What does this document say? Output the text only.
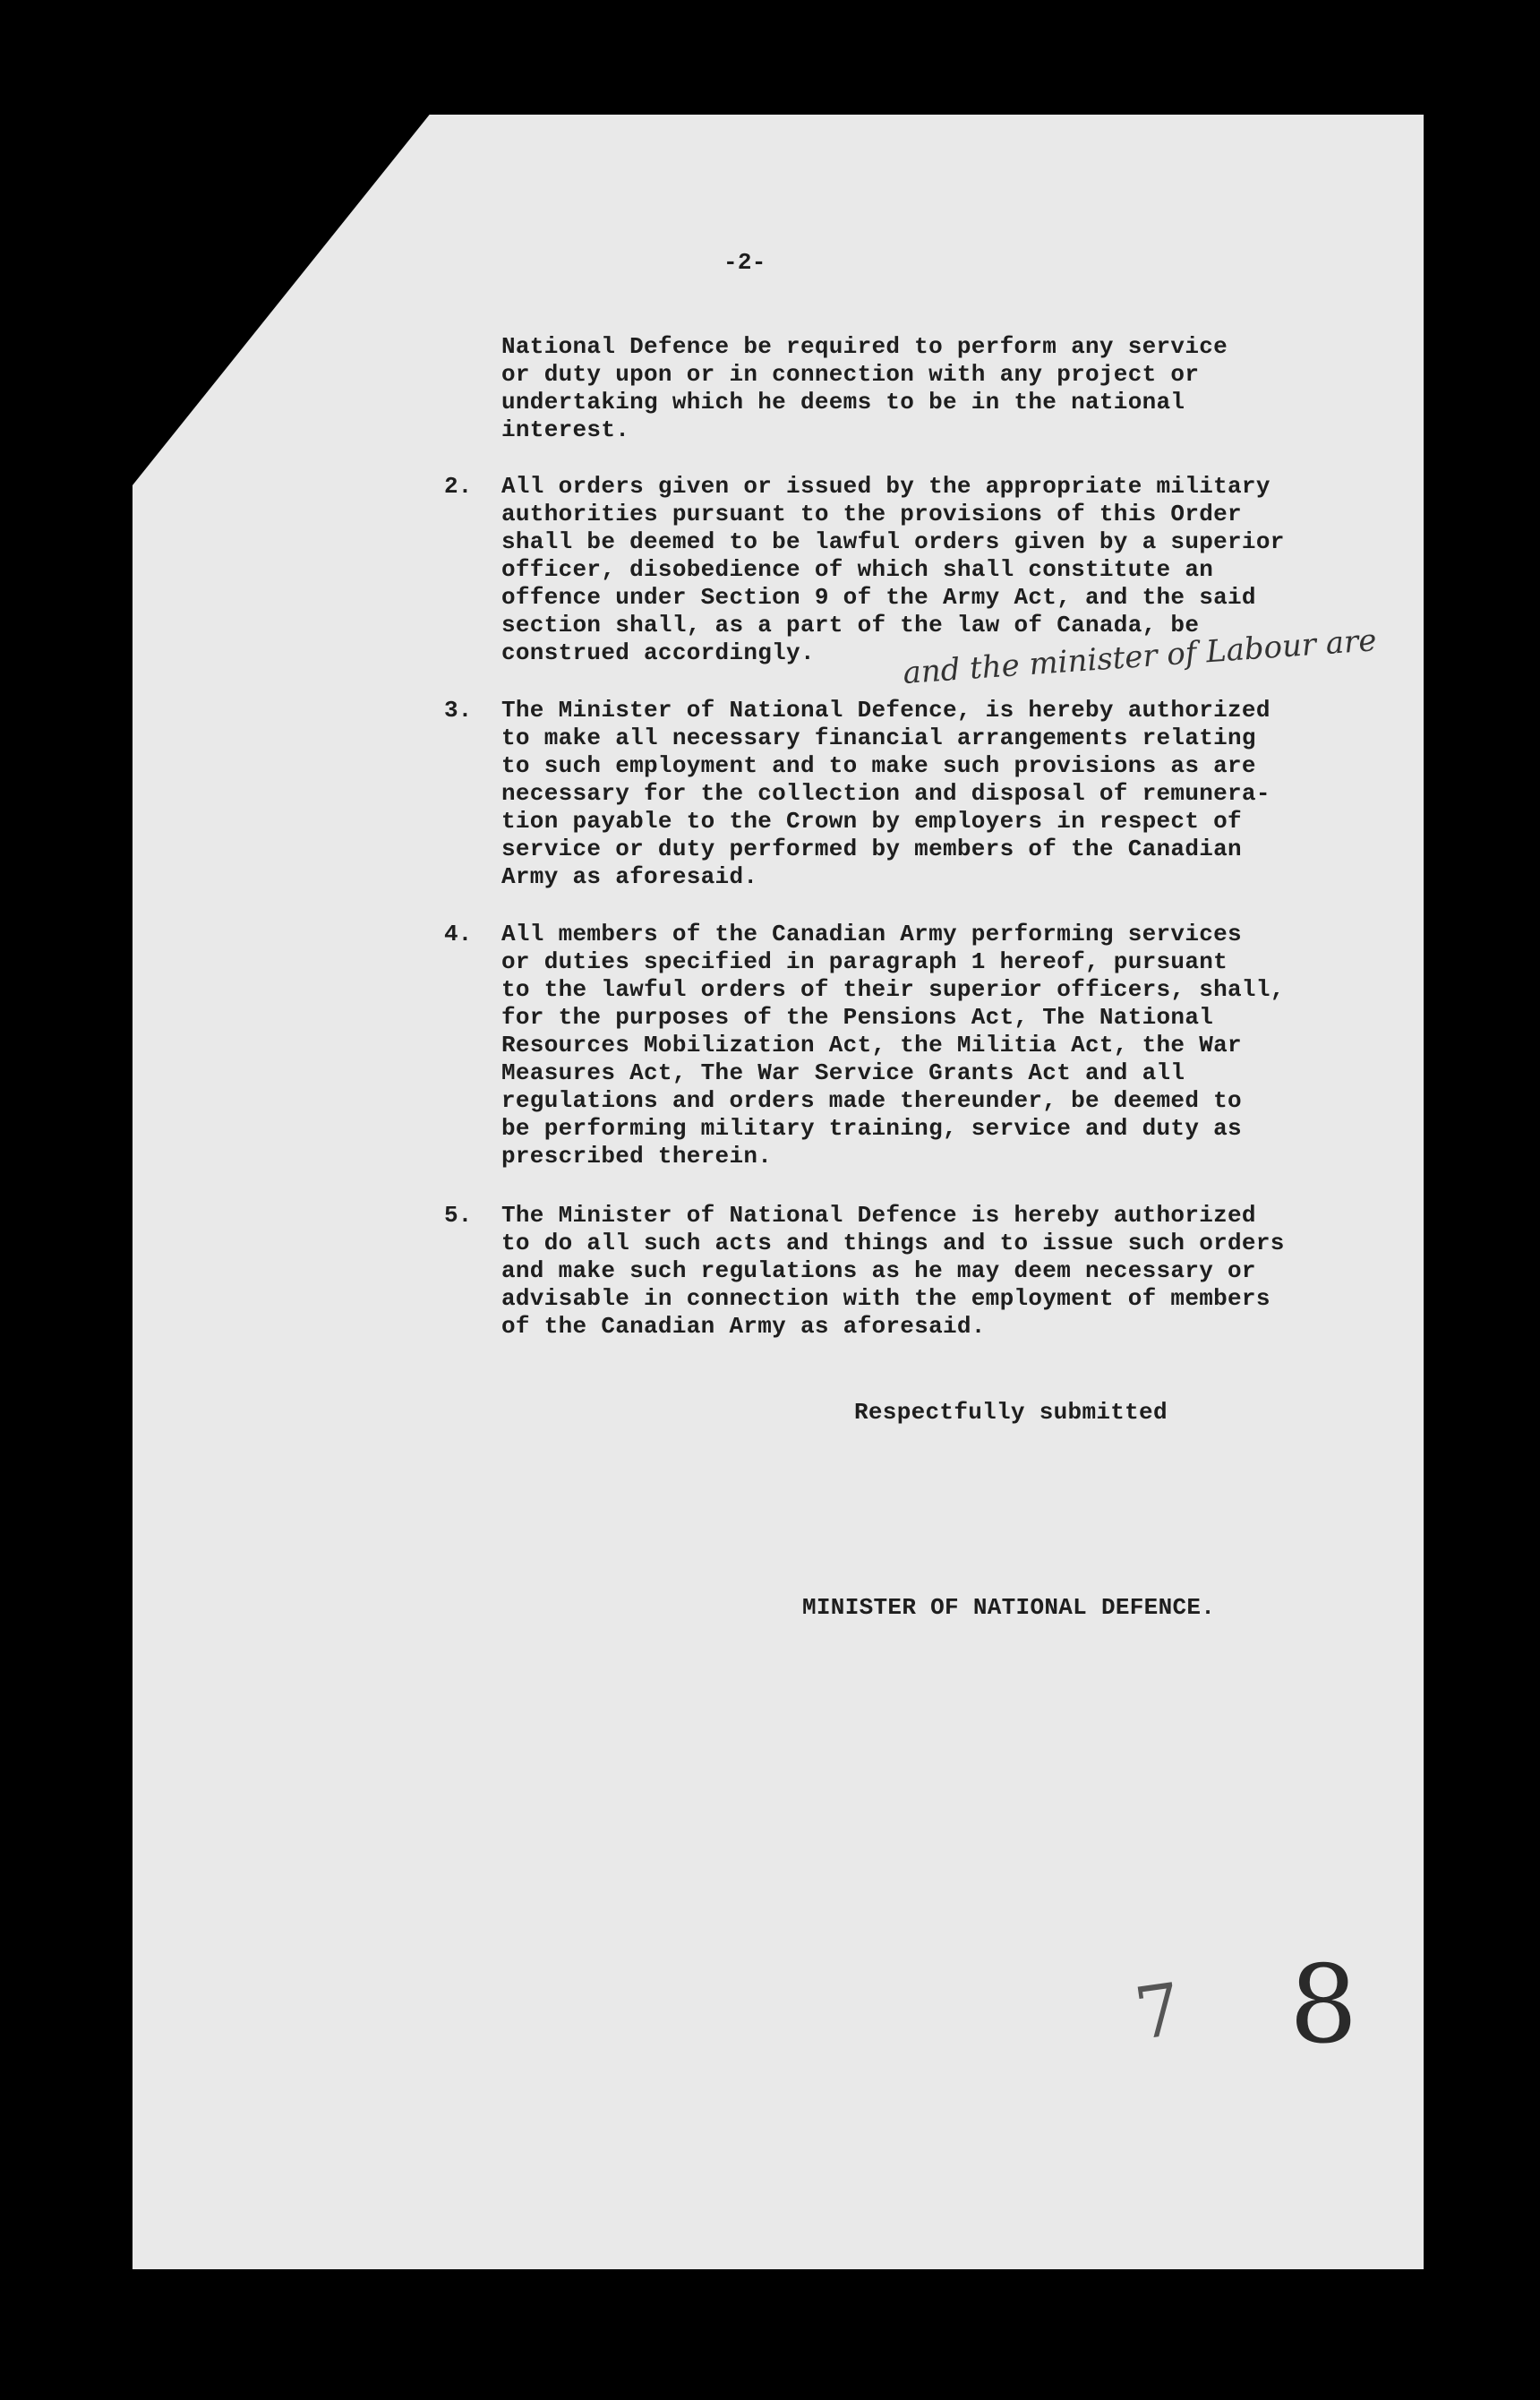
-2-
National Defence be required to perform any service
or duty upon or in connection with any project or
undertaking which he deems to be in the national
interest.
2. All orders given or issued by the appropriate military
authorities pursuant to the provisions of this Order
shall be deemed to be lawful orders given by a superior
officer, disobedience of which shall constitute an
offence under Section 9 of the Army Act, and the said
section shall, as a part of the law of Canada, be
construed accordingly.	and the minister of Labour are
3. The Minister of National Defence, is hereby authorized
to make all necessary financial arrangements relating
to such employment and to make such provisions as are
necessary for the collection and disposal of remunera-
tion payable to the Crown by employers in respect of
service or duty performed by members of the Canadian
Army as aforesaid.
4. All members of the Canadian Army performing services
or duties specified in paragraph 1 hereof, pursuant
to the lawful orders of their superior officers, shall,
for the purposes of the Pensions Act, The National
Resources Mobilization Act, the Militia Act, the War
Measures Act, The War Service Grants Act and all
regulations and orders made thereunder, be deemed to
be performing military training, service and duty as
prescribed therein.
5. The Minister of National Defence is hereby authorized
to do all such acts and things and to issue such orders
and make such regulations as he may deem necessary or
advisable in connection with the employment of members
of the Canadian Army as aforesaid.
Respectfully submitted
MINISTER OF NATIONAL DEFENCE.
7 8
